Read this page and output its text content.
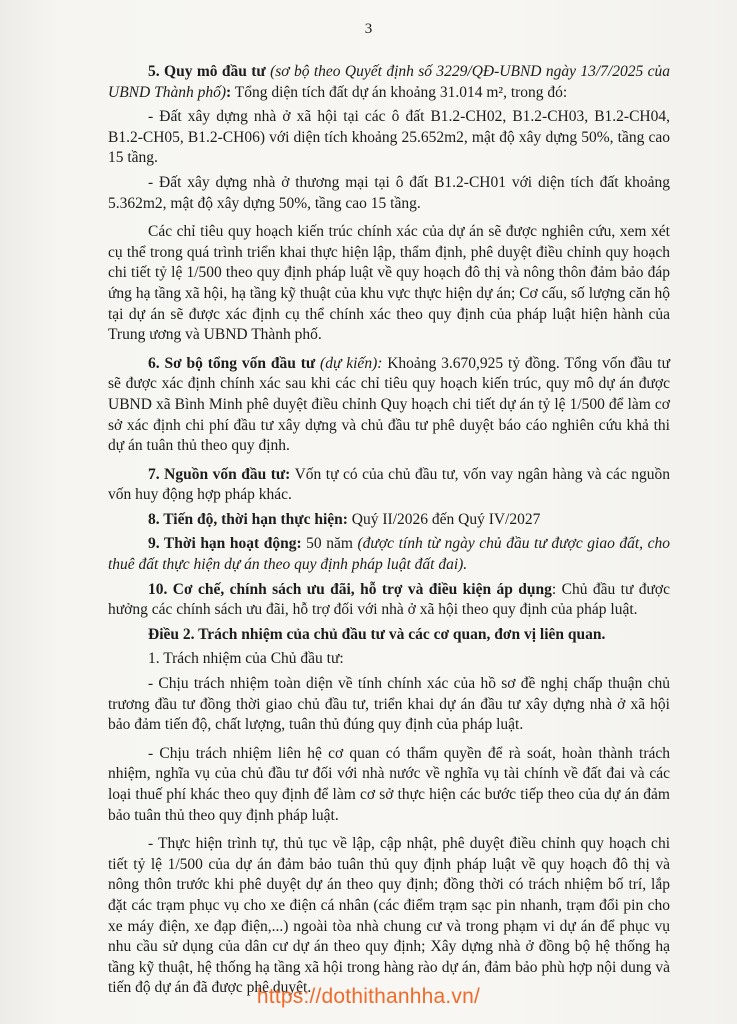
3

5. Quy mô đầu tư (sơ bộ theo Quyết định số 3229/QĐ-UBND ngày 13/7/2025 của UBND Thành phố): Tổng diện tích đất dự án khoảng 31.014 m², trong đó:

- Đất xây dựng nhà ở xã hội tại các ô đất B1.2-CH02, B1.2-CH03, B1.2-CH04, B1.2-CH05, B1.2-CH06) với diện tích khoảng 25.652m2, mật độ xây dựng 50%, tầng cao 15 tầng.

- Đất xây dựng nhà ở thương mại tại ô đất B1.2-CH01 với diện tích đất khoảng 5.362m2, mật độ xây dựng 50%, tầng cao 15 tầng.

Các chỉ tiêu quy hoạch kiến trúc chính xác của dự án sẽ được nghiên cứu, xem xét cụ thể trong quá trình triển khai thực hiện lập, thẩm định, phê duyệt điều chỉnh quy hoạch chi tiết tỷ lệ 1/500 theo quy định pháp luật về quy hoạch đô thị và nông thôn đảm bảo đáp ứng hạ tầng xã hội, hạ tầng kỹ thuật của khu vực thực hiện dự án; Cơ cấu, số lượng căn hộ tại dự án sẽ được xác định cụ thể chính xác theo quy định của pháp luật hiện hành của Trung ương và UBND Thành phố.

6. Sơ bộ tổng vốn đầu tư (dự kiến): Khoảng 3.670,925 tỷ đồng. Tổng vốn đầu tư sẽ được xác định chính xác sau khi các chỉ tiêu quy hoạch kiến trúc, quy mô dự án được UBND xã Bình Minh phê duyệt điều chỉnh Quy hoạch chi tiết dự án tỷ lệ 1/500 để làm cơ sở xác định chi phí đầu tư xây dựng và chủ đầu tư phê duyệt báo cáo nghiên cứu khả thi dự án tuân thủ theo quy định.

7. Nguồn vốn đầu tư: Vốn tự có của chủ đầu tư, vốn vay ngân hàng và các nguồn vốn huy động hợp pháp khác.

8. Tiến độ, thời hạn thực hiện: Quý II/2026 đến Quý IV/2027

9. Thời hạn hoạt động: 50 năm (được tính từ ngày chủ đầu tư được giao đất, cho thuê đất thực hiện dự án theo quy định pháp luật đất đai).

10. Cơ chế, chính sách ưu đãi, hỗ trợ và điều kiện áp dụng: Chủ đầu tư được hưởng các chính sách ưu đãi, hỗ trợ đối với nhà ở xã hội theo quy định của pháp luật.

Điều 2. Trách nhiệm của chủ đầu tư và các cơ quan, đơn vị liên quan.

1. Trách nhiệm của Chủ đầu tư:

- Chịu trách nhiệm toàn diện về tính chính xác của hồ sơ đề nghị chấp thuận chủ trương đầu tư đồng thời giao chủ đầu tư, triển khai dự án đầu tư xây dựng nhà ở xã hội bảo đảm tiến độ, chất lượng, tuân thủ đúng quy định của pháp luật.

- Chịu trách nhiệm liên hệ cơ quan có thẩm quyền để rà soát, hoàn thành trách nhiệm, nghĩa vụ của chủ đầu tư đối với nhà nước về nghĩa vụ tài chính về đất đai và các loại thuế phí khác theo quy định để làm cơ sở thực hiện các bước tiếp theo của dự án đảm bảo tuân thủ theo quy định pháp luật.

- Thực hiện trình tự, thủ tục về lập, cập nhật, phê duyệt điều chỉnh quy hoạch chi tiết tỷ lệ 1/500 của dự án đảm bảo tuân thủ quy định pháp luật về quy hoạch đô thị và nông thôn trước khi phê duyệt dự án theo quy định; đồng thời có trách nhiệm bố trí, lắp đặt các trạm phục vụ cho xe điện cá nhân (các điểm trạm sạc pin nhanh, trạm đổi pin cho xe máy điện, xe đạp điện,...) ngoài tòa nhà chung cư và trong phạm vi dự án để phục vụ nhu cầu sử dụng của dân cư dự án theo quy định; Xây dựng nhà ở đồng bộ hệ thống hạ tầng kỹ thuật, hệ thống hạ tầng xã hội trong hàng rào dự án, đảm bảo phù hợp nội dung và tiến độ dự án đã được phê duyệt.

https://dothithanhha.vn/
